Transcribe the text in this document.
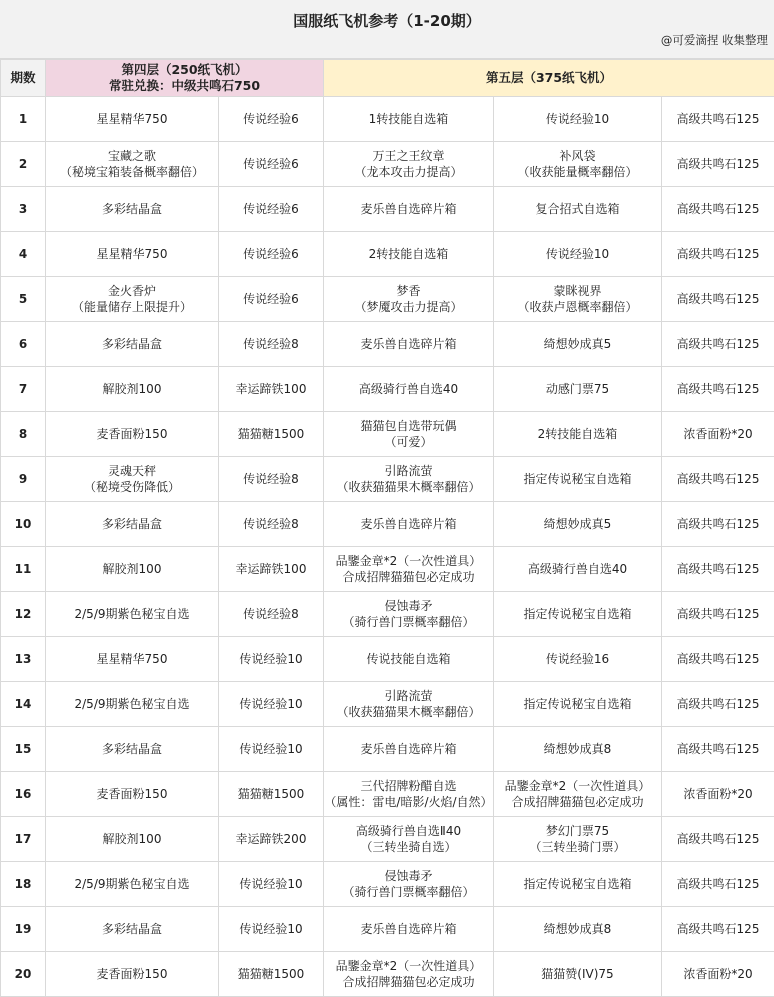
国服纸飞机参考（1-20期）
@可爱滴捏 收集整理
期数	第四层（250纸飞机）
常驻兑换：中级共鸣石750		第五层（375纸飞机）		
1	星星精华750	传说经验6	1转技能自选箱	传说经验10	高级共鸣石125

2	宝藏之歌
（秘境宝箱装备概率翻倍）	传说经验6	万王之王纹章
（龙本攻击力提高）	补风袋
（收获能量概率翻倍）	高级共鸣石125

3	多彩结晶盒	传说经验6	麦乐兽自选碎片箱	复合招式自选箱	高级共鸣石125

4	星星精华750	传说经验6	2转技能自选箱	传说经验10	高级共鸣石125

5	金火香炉
（能量储存上限提升）	传说经验6	梦香
（梦魇攻击力提高）	蒙眯视界
（收获卢恩概率翻倍）	高级共鸣石125

6	多彩结晶盒	传说经验8	麦乐兽自选碎片箱	绮想妙成真5	高级共鸣石125

7	解胶剂100	幸运蹄铁100	高级骑行兽自选40	动感门票75	高级共鸣石125

8	麦香面粉150	猫猫糖1500	猫猫包自选带玩偶
（可爱）	2转技能自选箱	浓香面粉*20

9	灵魂天秤
（秘境受伤降低）	传说经验8	引路流萤
（收获猫猫果木概率翻倍）	指定传说秘宝自选箱	高级共鸣石125

10	多彩结晶盒	传说经验8	麦乐兽自选碎片箱	绮想妙成真5	高级共鸣石125

11	解胶剂100	幸运蹄铁100	品鑒金章*2（一次性道具）
合成招牌猫猫包必定成功	高级骑行兽自选40	高级共鸣石125

12	2/5/9期紫色秘宝自选	传说经验8	侵蚀毒矛
（骑行兽门票概率翻倍）	指定传说秘宝自选箱	高级共鸣石125

13	星星精华750	传说经验10	传说技能自选箱	传说经验16	高级共鸣石125

14	2/5/9期紫色秘宝自选	传说经验10	引路流萤
（收获猫猫果木概率翻倍）	指定传说秘宝自选箱	高级共鸣石125

15	多彩结晶盒	传说经验10	麦乐兽自选碎片箱	绮想妙成真8	高级共鸣石125

16	麦香面粉150	猫猫糖1500	三代招牌粉醋自选
（属性：雷电/暗影/火焰/自然）	品鑒金章*2（一次性道具）
合成招牌猫猫包必定成功	浓香面粉*20

17	解胶剂100	幸运蹄铁200	高级骑行兽自选Ⅱ40
（三转坐骑自选）	梦幻门票75
（三转坐骑门票）	高级共鸣石125

18	2/5/9期紫色秘宝自选	传说经验10	侵蚀毒矛
（骑行兽门票概率翻倍）	指定传说秘宝自选箱	高级共鸣石125

19	多彩结晶盒	传说经验10	麦乐兽自选碎片箱	绮想妙成真8	高级共鸣石125

20	麦香面粉150	猫猫糖1500	品鑒金章*2（一次性道具）
合成招牌猫猫包必定成功	猫猫赞(IV)75	浓香面粉*20
